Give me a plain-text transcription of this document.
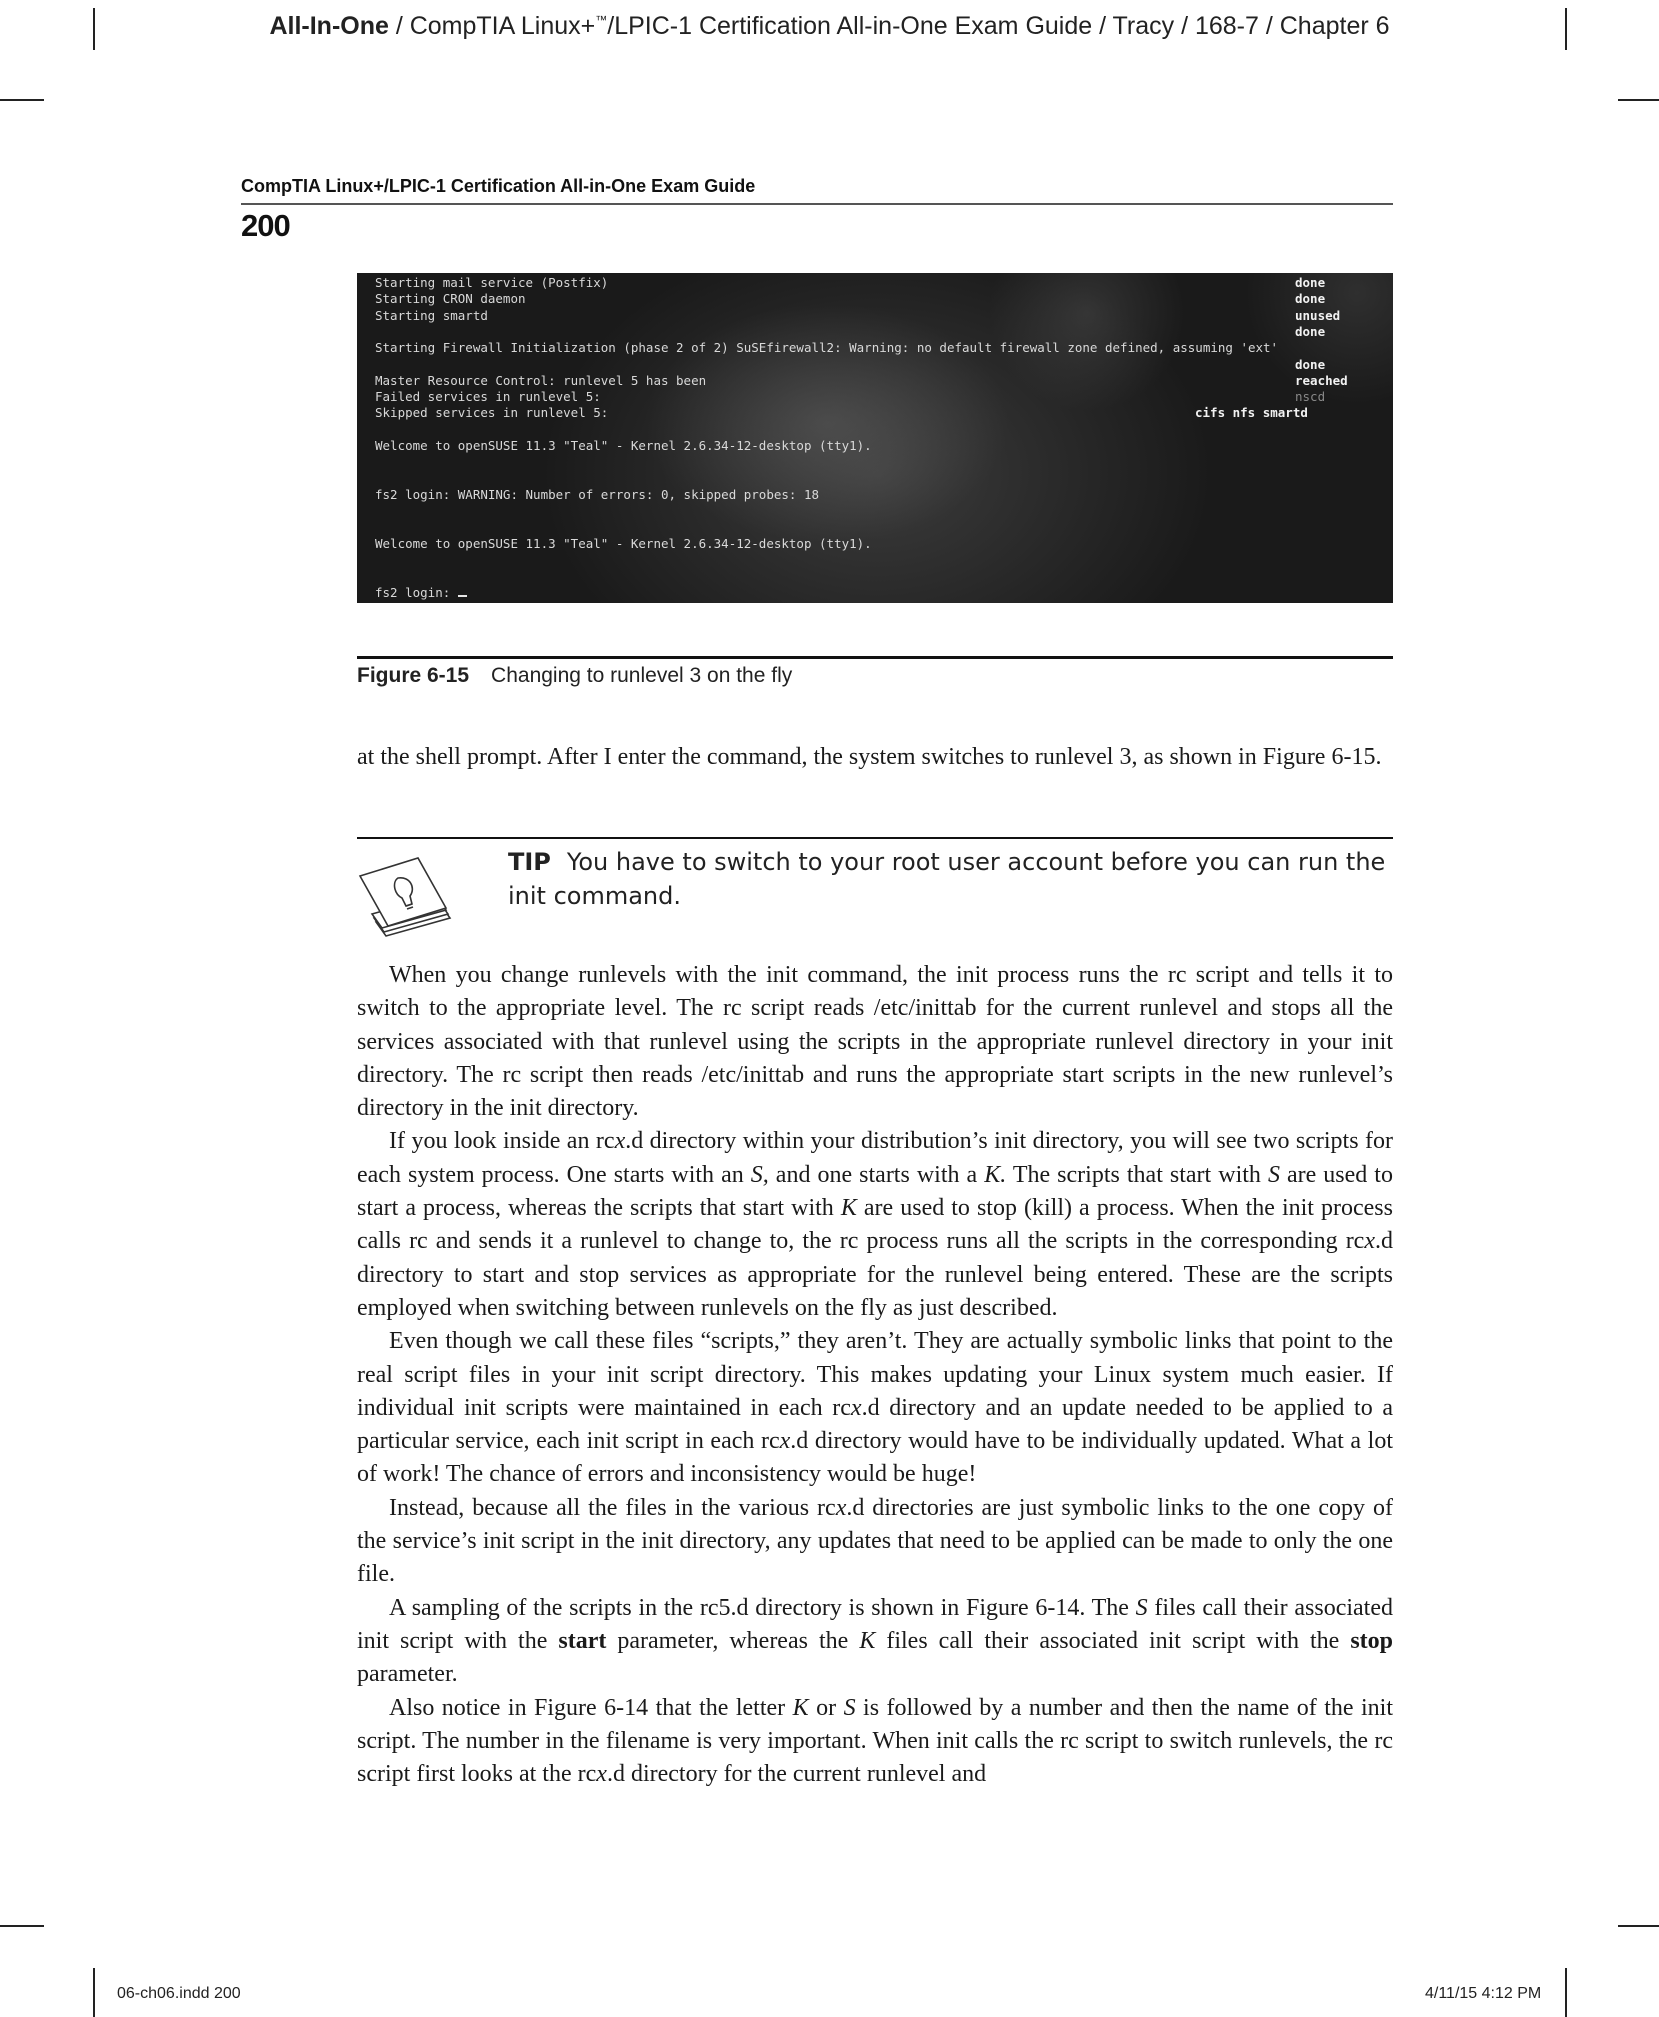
All-In-One / CompTIA Linux+™/LPIC-1 Certification All-in-One Exam Guide / Tracy / 168-7 / Chapter 6
CompTIA Linux+/LPIC-1 Certification All-in-One Exam Guide
200
Starting mail service (Postfix)
Starting CRON daemon
Starting smartd
Starting Firewall Initialization (phase 2 of 2) SuSEfirewall2: Warning: no default firewall zone defined, assuming 'ext'
Master Resource Control: runlevel 5 has been
Failed services in runlevel 5:
Skipped services in runlevel 5:
Welcome to openSUSE 11.3 "Teal" - Kernel 2.6.34-12-desktop (tty1).
fs2 login: WARNING: Number of errors: 0, skipped probes: 18
Welcome to openSUSE 11.3 "Teal" - Kernel 2.6.34-12-desktop (tty1).
fs2 login:
done
done
unused
done
done
reached
nscd
cifs nfs smartd
Figure 6-15 Changing to runlevel 3 on the fly

at the shell prompt. After I enter the command, the system switches to runlevel 3, as shown in Figure 6-15.

TIP You have to switch to your root user account before you can run the init command.

When you change runlevels with the init command, the init process runs the rc script and tells it to switch to the appropriate level. The rc script reads /etc/inittab for the current runlevel and stops all the services associated with that runlevel using the scripts in the appropriate runlevel directory in your init directory. The rc script then reads /etc/inittab and runs the appropriate start scripts in the new runlevel’s directory in the init directory.

If you look inside an rcx.d directory within your distribution’s init directory, you will see two scripts for each system process. One starts with an S, and one starts with a K. The scripts that start with S are used to start a process, whereas the scripts that start with K are used to stop (kill) a process. When the init process calls rc and sends it a runlevel to change to, the rc process runs all the scripts in the corresponding rcx.d directory to start and stop services as appropriate for the runlevel being entered. These are the scripts employed when switching between runlevels on the fly as just described.

Even though we call these files “scripts,” they aren’t. They are actually symbolic links that point to the real script files in your init script directory. This makes updating your Linux system much easier. If individual init scripts were maintained in each rcx.d directory and an update needed to be applied to a particular service, each init script in each rcx.d directory would have to be individually updated. What a lot of work! The chance of errors and inconsistency would be huge!

Instead, because all the files in the various rcx.d directories are just symbolic links to the one copy of the service’s init script in the init directory, any updates that need to be applied can be made to only the one file.

A sampling of the scripts in the rc5.d directory is shown in Figure 6-14. The S files call their associated init script with the start parameter, whereas the K files call their associated init script with the stop parameter.

Also notice in Figure 6-14 that the letter K or S is followed by a number and then the name of the init script. The number in the filename is very important. When init calls the rc script to switch runlevels, the rc script first looks at the rcx.d directory for the current runlevel and

06-ch06.indd 200	4/11/15 4:12 PM
